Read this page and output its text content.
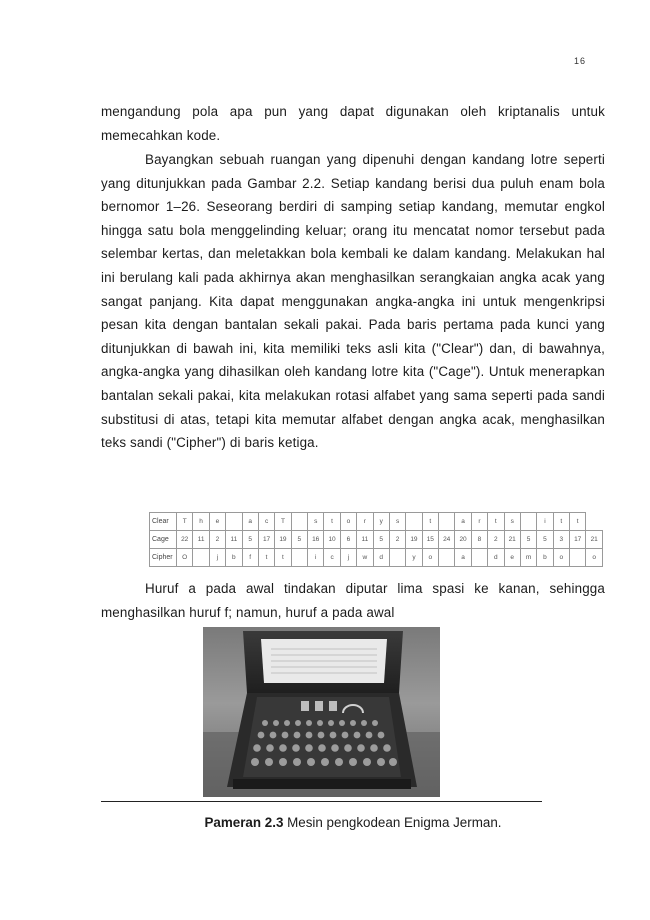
16

mengandung pola apa pun yang dapat digunakan oleh kriptanalis untuk memecahkan kode.

Bayangkan sebuah ruangan yang dipenuhi dengan kandang lotre seperti yang ditunjukkan pada Gambar 2.2. Setiap kandang berisi dua puluh enam bola bernomor 1–26. Seseorang berdiri di samping setiap kandang, memutar engkol hingga satu bola menggelinding keluar; orang itu mencatat nomor tersebut pada selembar kertas, dan meletakkan bola kembali ke dalam kandang. Melakukan hal ini berulang kali pada akhirnya akan menghasilkan serangkaian angka acak yang sangat panjang. Kita dapat menggunakan angka-angka ini untuk mengenkripsi pesan kita dengan bantalan sekali pakai. Pada baris pertama pada kunci yang ditunjukkan di bawah ini, kita memiliki teks asli kita ("Clear") dan, di bawahnya, angka-angka yang dihasilkan oleh kandang lotre kita ("Cage"). Untuk menerapkan bantalan sekali pakai, kita melakukan rotasi alfabet yang sama seperti pada sandi substitusi di atas, tetapi kita memutar alfabet dengan angka acak, menghasilkan teks sandi ("Cipher") di baris ketiga.

Clear	T	h	e		a	c	T		s	t	o	r	y	s		t		a	r	t	s		i	t	t	
Cage	22	11	2	11	5	17	19	5	16	10	6	11	5	2	19	15	24	20	8	2	21	5	5	3	17	21
Cipher	O		j	b	f	t	t		i	c	j	w	d		y	o		a		d	e	m	b	o		o

Huruf a pada awal tindakan diputar lima spasi ke kanan, sehingga menghasilkan huruf f; namun, huruf a pada awal

Pameran 2.3 Mesin pengkodean Enigma Jerman.
